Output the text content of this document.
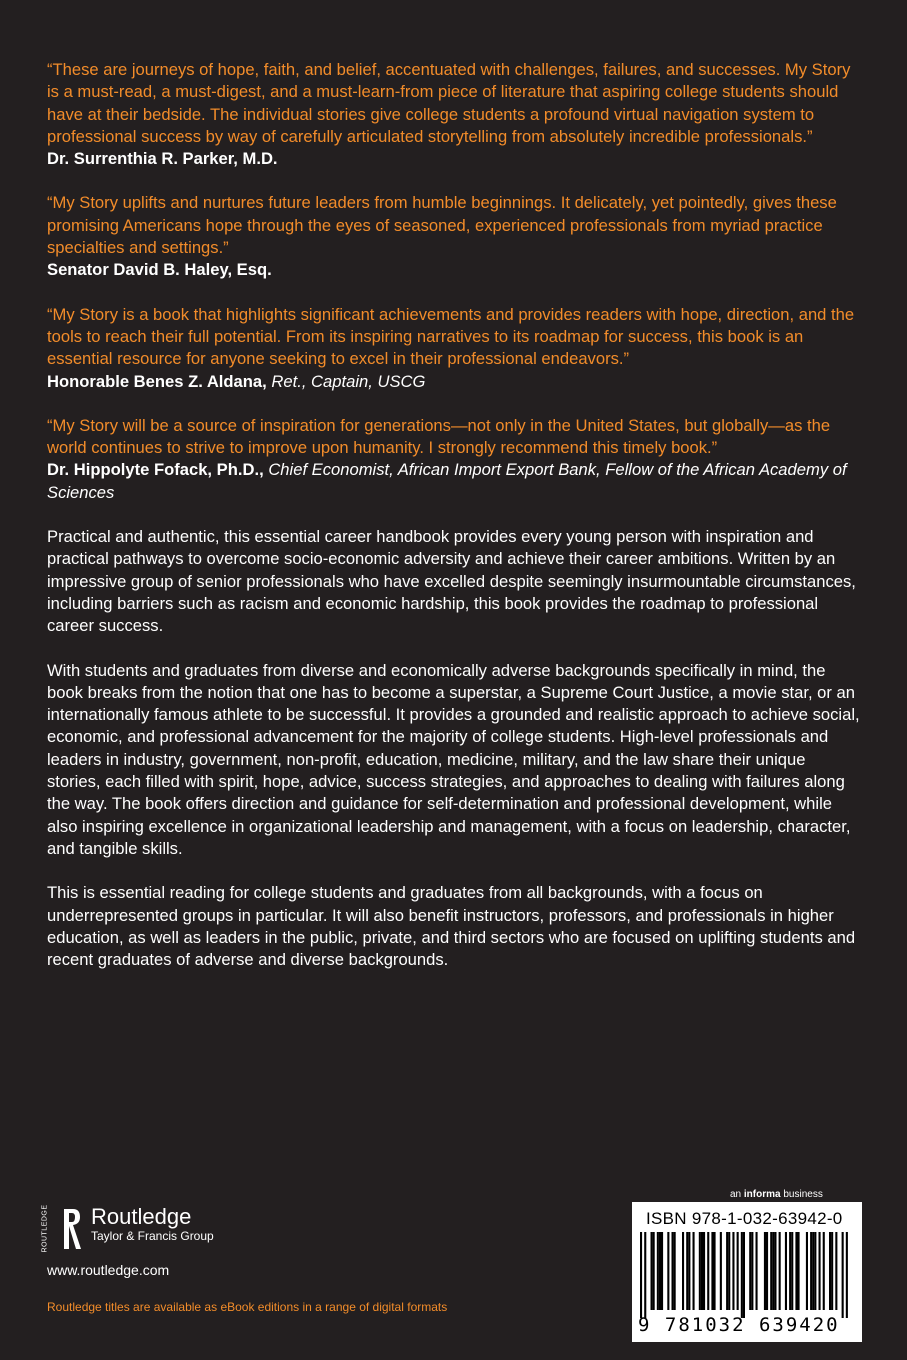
“These are journeys of hope, faith, and belief, accentuated with challenges, failures, and successes. My Story is a must-read, a must-digest, and a must-learn-from piece of literature that aspiring college students should have at their bedside. The individual stories give college students a profound virtual navigation system to professional success by way of carefully articulated storytelling from absolutely incredible professionals.”

Dr. Surrenthia R. Parker, M.D.

“My Story uplifts and nurtures future leaders from humble beginnings. It delicately, yet pointedly, gives these promising Americans hope through the eyes of seasoned, experienced professionals from myriad practice specialties and settings.”

Senator David B. Haley, Esq.

“My Story is a book that highlights significant achievements and provides readers with hope, direction, and the tools to reach their full potential. From its inspiring narratives to its roadmap for success, this book is an essential resource for anyone seeking to excel in their professional endeavors.”

Honorable Benes Z. Aldana, Ret., Captain, USCG

“My Story will be a source of inspiration for generations—not only in the United States, but globally—as the world continues to strive to improve upon humanity. I strongly recommend this timely book.”

Dr. Hippolyte Fofack, Ph.D., Chief Economist, African Import Export Bank, Fellow of the African Academy of Sciences

Practical and authentic, this essential career handbook provides every young person with inspiration and practical pathways to overcome socio-economic adversity and achieve their career ambitions. Written by an impressive group of senior professionals who have excelled despite seemingly insurmountable circumstances, including barriers such as racism and economic hardship, this book provides the roadmap to professional career success.

With students and graduates from diverse and economically adverse backgrounds specifically in mind, the book breaks from the notion that one has to become a superstar, a Supreme Court Justice, a movie star, or an internationally famous athlete to be successful. It provides a grounded and realistic approach to achieve social, economic, and professional advancement for the majority of college students. High-level professionals and leaders in industry, government, non-profit, education, medicine, military, and the law share their unique stories, each filled with spirit, hope, advice, success strategies, and approaches to dealing with failures along the way. The book offers direction and guidance for self-determination and professional development, while also inspiring excellence in organizational leadership and management, with a focus on leadership, character, and tangible skills.

This is essential reading for college students and graduates from all backgrounds, with a focus on underrepresented groups in particular. It will also benefit instructors, professors, and professionals in higher education, as well as leaders in the public, private, and third sectors who are focused on uplifting students and recent graduates of adverse and diverse backgrounds.

ROUTLEDGE Routledge
Taylor & Francis Group
www.routledge.com
Routledge titles are available as eBook editions in a range of digital formats
an informa business
ISBN 978-1-032-63942-0
9 781032 639420
